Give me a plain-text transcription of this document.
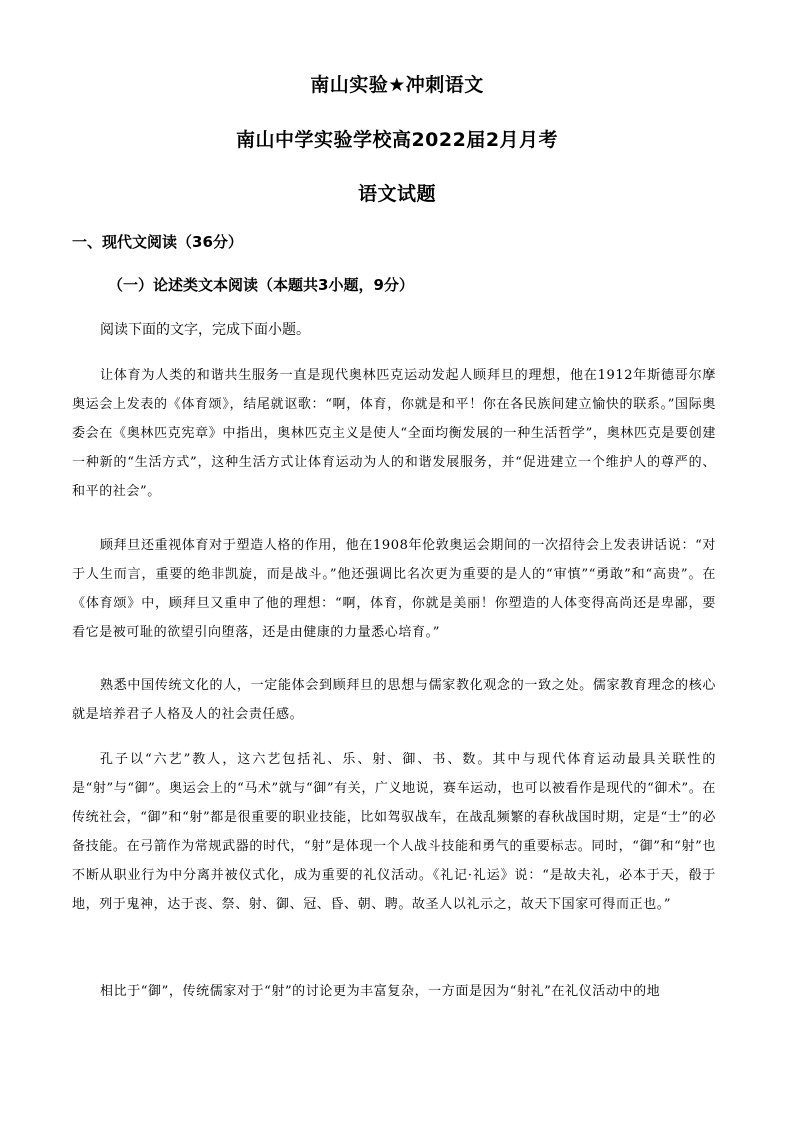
南山实验★冲刺语文
南山中学实验学校高2022届2月月考
语文试题
一、现代文阅读（36分）
（一）论述类文本阅读（本题共3小题，9分）
阅读下面的文字，完成下面小题。

让体育为人类的和谐共生服务一直是现代奥林匹克运动发起人顾拜旦的理想，他在1912年斯德哥尔摩奥运会上发表的《体育颂》，结尾就讴歌：“啊，体育，你就是和平！你在各民族间建立愉快的联系。”国际奥委会在《奥林匹克宪章》中指出，奥林匹克主义是使人“全面均衡发展的一种生活哲学”，奥林匹克是要创建一种新的“生活方式”，这种生活方式让体育运动为人的和谐发展服务，并“促进建立一个维护人的尊严的、和平的社会”。

顾拜旦还重视体育对于塑造人格的作用，他在1908年伦敦奥运会期间的一次招待会上发表讲话说：“对于人生而言，重要的绝非凯旋，而是战斗。”他还强调比名次更为重要的是人的“审慎”“勇敢”和“高贵”。在《体育颂》中，顾拜旦又重申了他的理想：“啊，体育，你就是美丽！你塑造的人体变得高尚还是卑鄙，要看它是被可耻的欲望引向堕落，还是由健康的力量悉心培育。”

熟悉中国传统文化的人，一定能体会到顾拜旦的思想与儒家教化观念的一致之处。儒家教育理念的核心就是培养君子人格及人的社会责任感。

孔子以“六艺”教人，这六艺包括礼、乐、射、御、书、数。其中与现代体育运动最具关联性的是“射”与“御”。奥运会上的“马术”就与“御”有关，广义地说，赛车运动，也可以被看作是现代的“御术”。在传统社会，“御”和“射”都是很重要的职业技能，比如驾驭战车，在战乱频繁的春秋战国时期，定是“士”的必备技能。在弓箭作为常规武器的时代，“射”是体现一个人战斗技能和勇气的重要标志。同时，“御”和“射”也不断从职业行为中分离并被仪式化，成为重要的礼仪活动。《礼记·礼运》说：“是故夫礼，必本于天，殽于地，列于鬼神，达于丧、祭、射、御、冠、昏、朝、聘。故圣人以礼示之，故天下国家可得而正也。”

相比于“御”，传统儒家对于“射”的讨论更为丰富复杂，一方面是因为“射礼”在礼仪活动中的地
